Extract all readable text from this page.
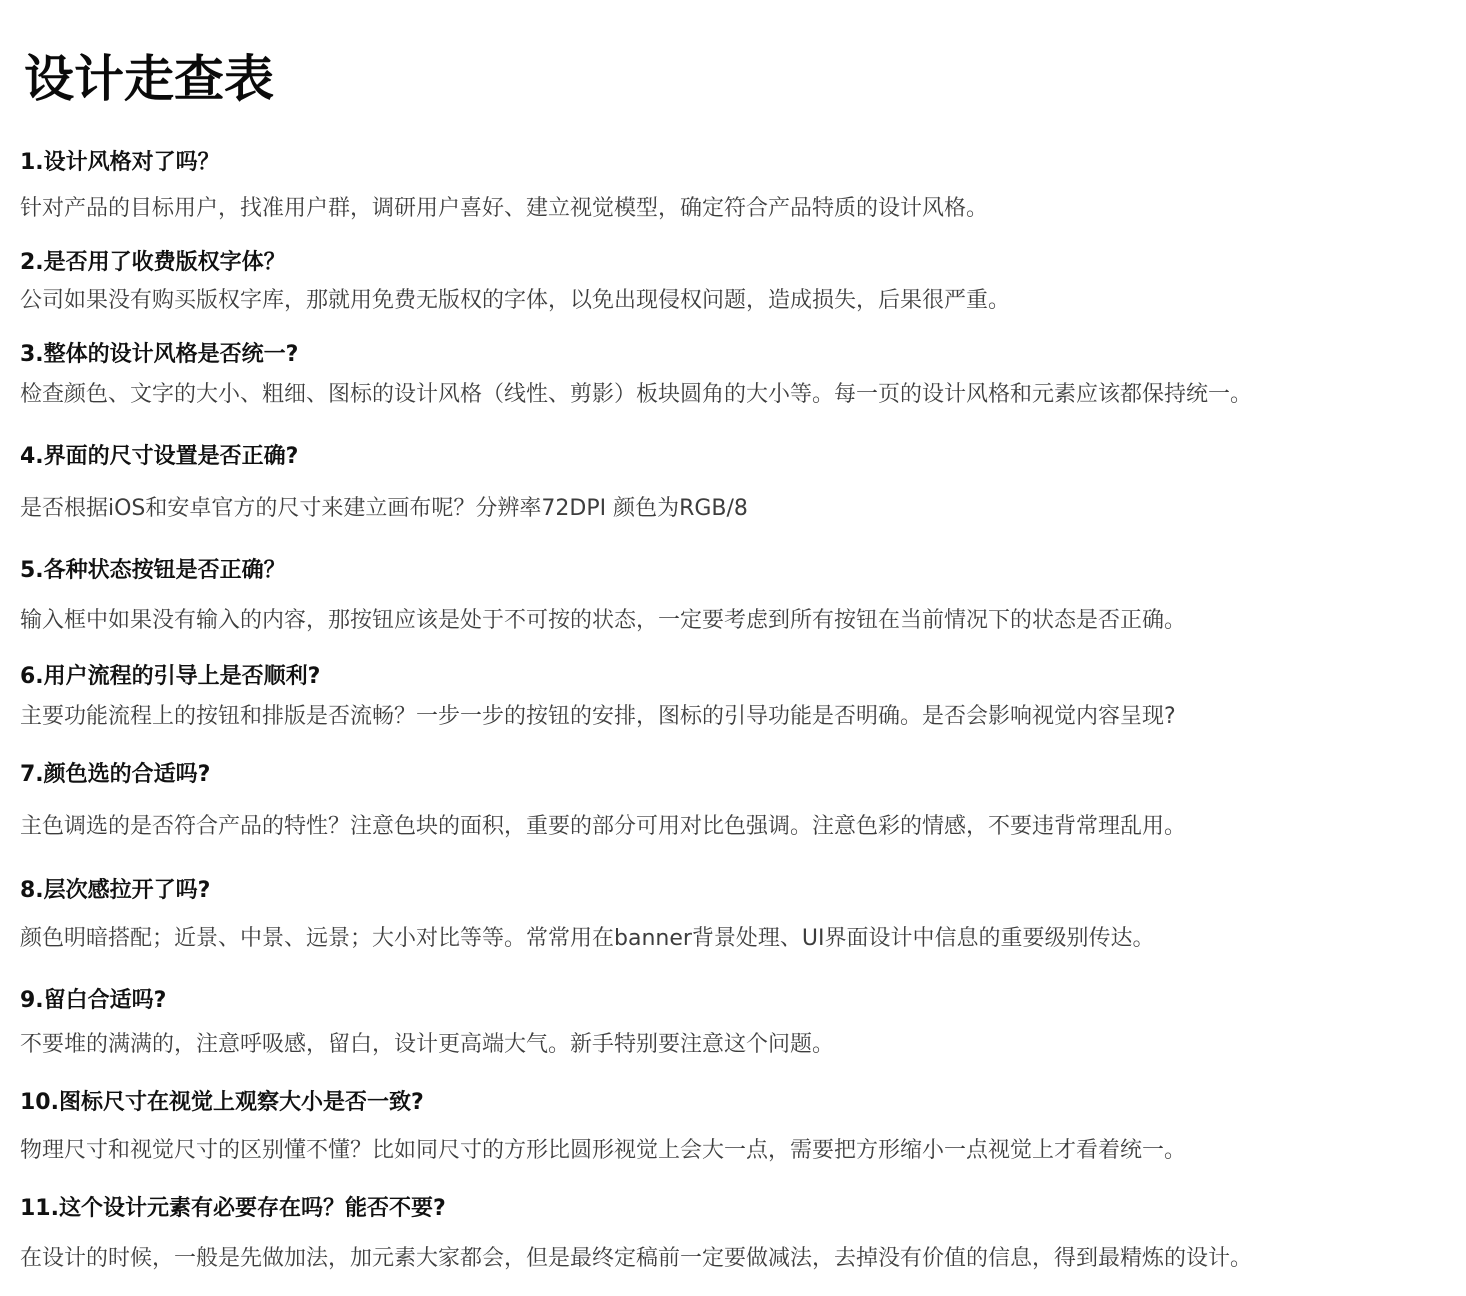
设计走查表

1.设计风格对了吗？

针对产品的目标用户，找准用户群，调研用户喜好、建立视觉模型，确定符合产品特质的设计风格。

2.是否用了收费版权字体？

公司如果没有购买版权字库，那就用免费无版权的字体，以免出现侵权问题，造成损失，后果很严重。

3.整体的设计风格是否统一?

检查颜色、文字的大小、粗细、图标的设计风格（线性、剪影）板块圆角的大小等。每一页的设计风格和元素应该都保持统一。

4.界面的尺寸设置是否正确?

是否根据iOS和安卓官方的尺寸来建立画布呢？分辨率72DPI 颜色为RGB/8

5.各种状态按钮是否正确？

输入框中如果没有输入的内容，那按钮应该是处于不可按的状态，一定要考虑到所有按钮在当前情况下的状态是否正确。

6.用户流程的引导上是否顺利?

主要功能流程上的按钮和排版是否流畅？一步一步的按钮的安排，图标的引导功能是否明确。是否会影响视觉内容呈现?

7.颜色选的合适吗?

主色调选的是否符合产品的特性？注意色块的面积，重要的部分可用对比色强调。注意色彩的情感，不要违背常理乱用。

8.层次感拉开了吗?

颜色明暗搭配；近景、中景、远景；大小对比等等。常常用在banner背景处理、UI界面设计中信息的重要级别传达。

9.留白合适吗?

不要堆的满满的，注意呼吸感，留白，设计更高端大气。新手特别要注意这个问题。

10.图标尺寸在视觉上观察大小是否一致?

物理尺寸和视觉尺寸的区别懂不懂？比如同尺寸的方形比圆形视觉上会大一点，需要把方形缩小一点视觉上才看着统一。

11.这个设计元素有必要存在吗？能否不要?

在设计的时候，一般是先做加法，加元素大家都会，但是最终定稿前一定要做减法，去掉没有价值的信息，得到最精炼的设计。
